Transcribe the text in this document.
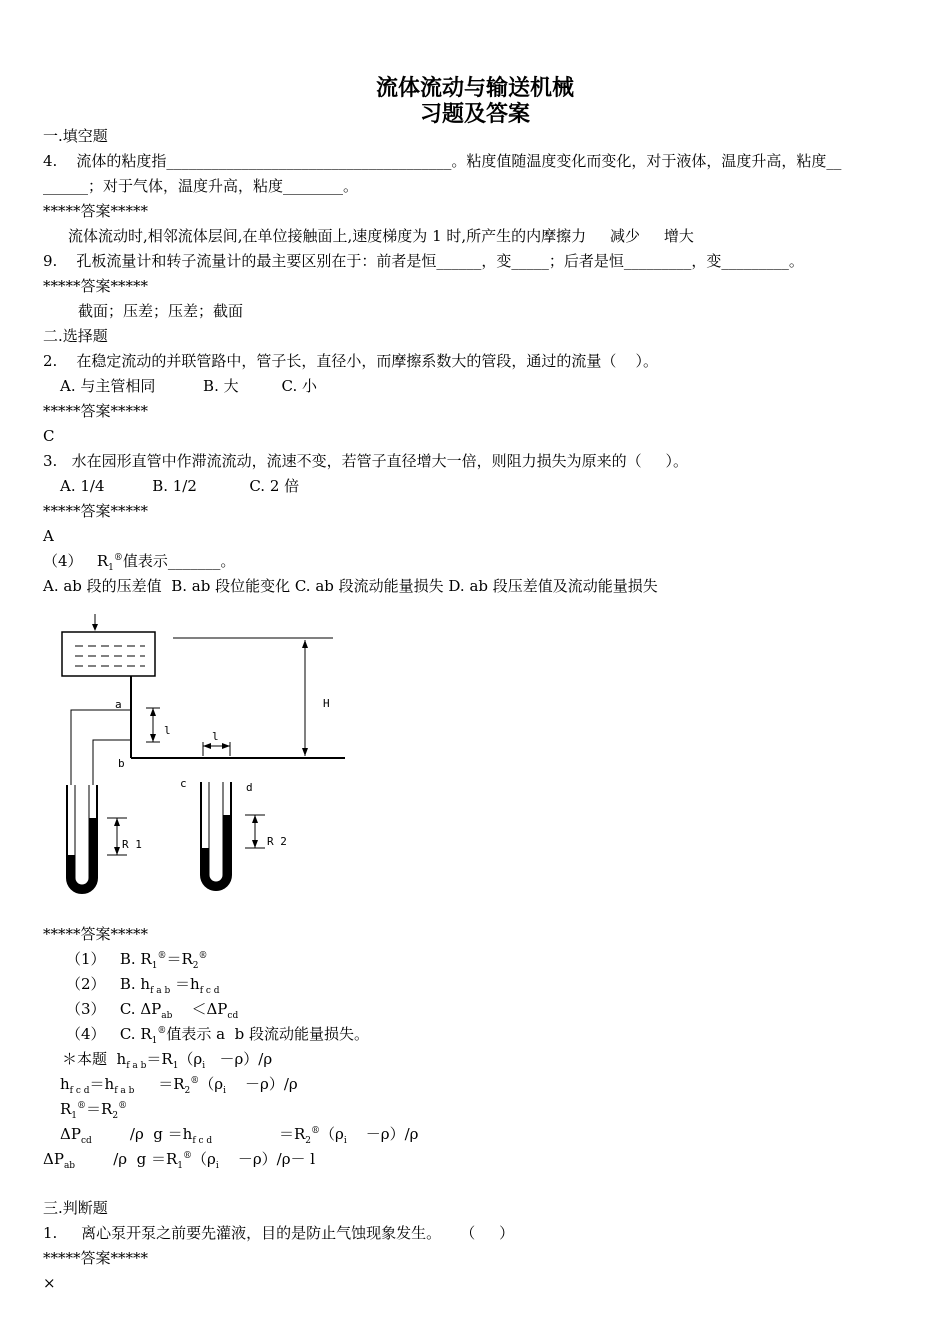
流体流动与输送机械
习题及答案
一.填空题
4.    流体的粘度指______________________________________。粘度值随温度变化而变化，对于液体，温度升高，粘度__
______；对于气体，温度升高，粘度________。
*****答案*****
流体流动时,相邻流体层间,在单位接触面上,速度梯度为 1 时,所产生的内摩擦力     减少     增大
9.    孔板流量计和转子流量计的最主要区别在于：前者是恒______，变_____；后者是恒_________，变_________。
*****答案*****
截面；压差；压差；截面
二.选择题
2.    在稳定流动的并联管路中，管子长，直径小，而摩擦系数大的管段，通过的流量（    ）。
A. 与主管相同          B. 大         C. 小
*****答案*****
C
3.   水在园形直管中作滞流流动，流速不变，若管子直径增大一倍，则阻力损失为原来的（     ）。
A. 1/4          B. 1/2           C. 2 倍
*****答案*****
A
（4）   $R_1®$值表示_______。
A. ab 段的压差值  B. ab 段位能变化 C. ab 段流动能量损失 D. ab 段压差值及流动能量损失
H
l	l
a
b
R 1
c	d
R 2
*****答案*****
（1）   B. $R_1®=R_2®$
（2）   B. $h_{f a b} =h_{f c d}$
（3）   C. $\Delta P_{ab}$    $<\Delta P_{cd}$
（4）   C. $R_1®$值表示 a  b 段流动能量损失。
＊本题  $h_{f a b}=R_1(\rho_i -\rho)/\rho$
$h_{f c d}=h_{f a b}$     $=R_2®(\rho_i$    －ρ）/ρ
$R_1®=R_2®$
$\Delta P_{cd}$        /ρ  $g =h_{f c d}$              $=R_2®(\rho_i$    －ρ）/ρ
$\Delta P_{ab}$        /ρ  $g =R_1®(\rho_i$    －ρ）/ρ－ l
三.判断题
1.     离心泵开泵之前要先灌液，目的是防止气蚀现象发生。    （     ）
*****答案*****
×
